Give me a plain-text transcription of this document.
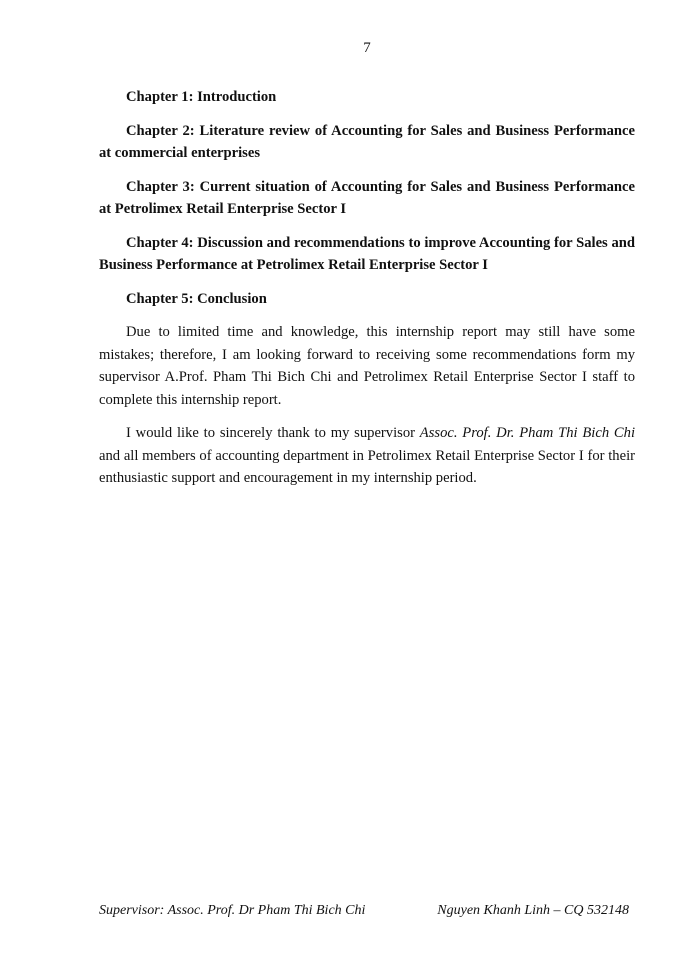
7

Chapter 1: Introduction

Chapter 2: Literature review of Accounting for Sales and Business Performance at commercial enterprises

Chapter 3: Current situation of Accounting for Sales and Business Performance at Petrolimex Retail Enterprise Sector I

Chapter 4: Discussion and recommendations to improve Accounting for Sales and Business Performance at Petrolimex Retail Enterprise Sector I

Chapter 5: Conclusion

Due to limited time and knowledge, this internship report may still have some mistakes; therefore, I am looking forward to receiving some recommendations form my supervisor A.Prof. Pham Thi Bich Chi and Petrolimex Retail Enterprise Sector I staff to complete this internship report.

I would like to sincerely thank to my supervisor Assoc. Prof. Dr. Pham Thi Bich Chi and all members of accounting department in Petrolimex Retail Enterprise Sector I for their enthusiastic support and encouragement in my internship period.

Supervisor: Assoc. Prof. Dr Pham Thi Bich Chi	Nguyen Khanh Linh – CQ 532148
